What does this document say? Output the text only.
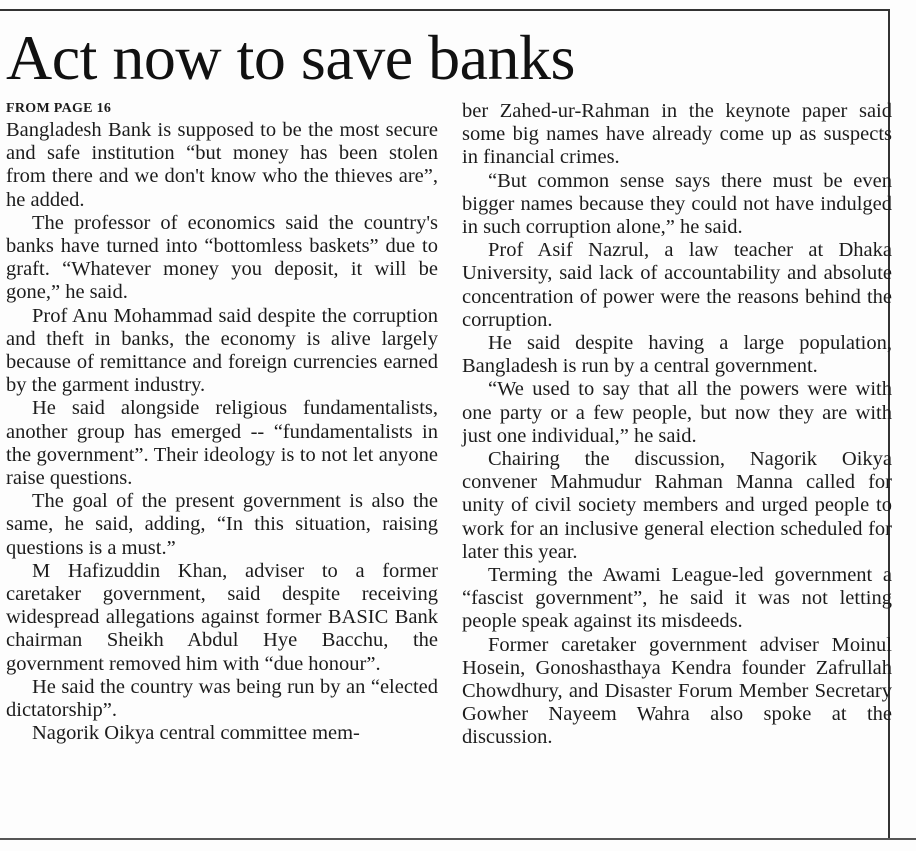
Act now to save banks
FROM PAGE 16

Bangladesh Bank is supposed to be the most secure and safe institution “but money has been stolen from there and we don't know who the thieves are”, he added.

The professor of economics said the country's banks have turned into “bottomless baskets” due to graft. “Whatever money you deposit, it will be gone,” he said.

Prof Anu Mohammad said despite the corruption and theft in banks, the economy is alive largely because of remittance and foreign currencies earned by the garment industry.

He said alongside religious fundamentalists, another group has emerged -- “fundamentalists in the government”. Their ideology is to not let anyone raise questions.

The goal of the present government is also the same, he said, adding, “In this situation, raising questions is a must.”

M Hafizuddin Khan, adviser to a former caretaker government, said despite receiving widespread allegations against former BASIC Bank chairman Sheikh Abdul Hye Bacchu, the government removed him with “due honour”.

He said the country was being run by an “elected dictatorship”.

Nagorik Oikya central committee mem-

ber Zahed-ur-Rahman in the keynote paper said some big names have already come up as suspects in financial crimes.

“But common sense says there must be even bigger names because they could not have indulged in such corruption alone,” he said.

Prof Asif Nazrul, a law teacher at Dhaka University, said lack of accountability and absolute concentration of power were the reasons behind the corruption.

He said despite having a large population, Bangladesh is run by a central government.

“We used to say that all the powers were with one party or a few people, but now they are with just one individual,” he said.

Chairing the discussion, Nagorik Oikya convener Mahmudur Rahman Manna called for unity of civil society members and urged people to work for an inclusive general election scheduled for later this year.

Terming the Awami League-led government a “fascist government”, he said it was not letting people speak against its misdeeds.

Former caretaker government adviser Moinul Hosein, Gonoshasthaya Kendra founder Zafrullah Chowdhury, and Disaster Forum Member Secretary Gowher Nayeem Wahra also spoke at the discussion.
